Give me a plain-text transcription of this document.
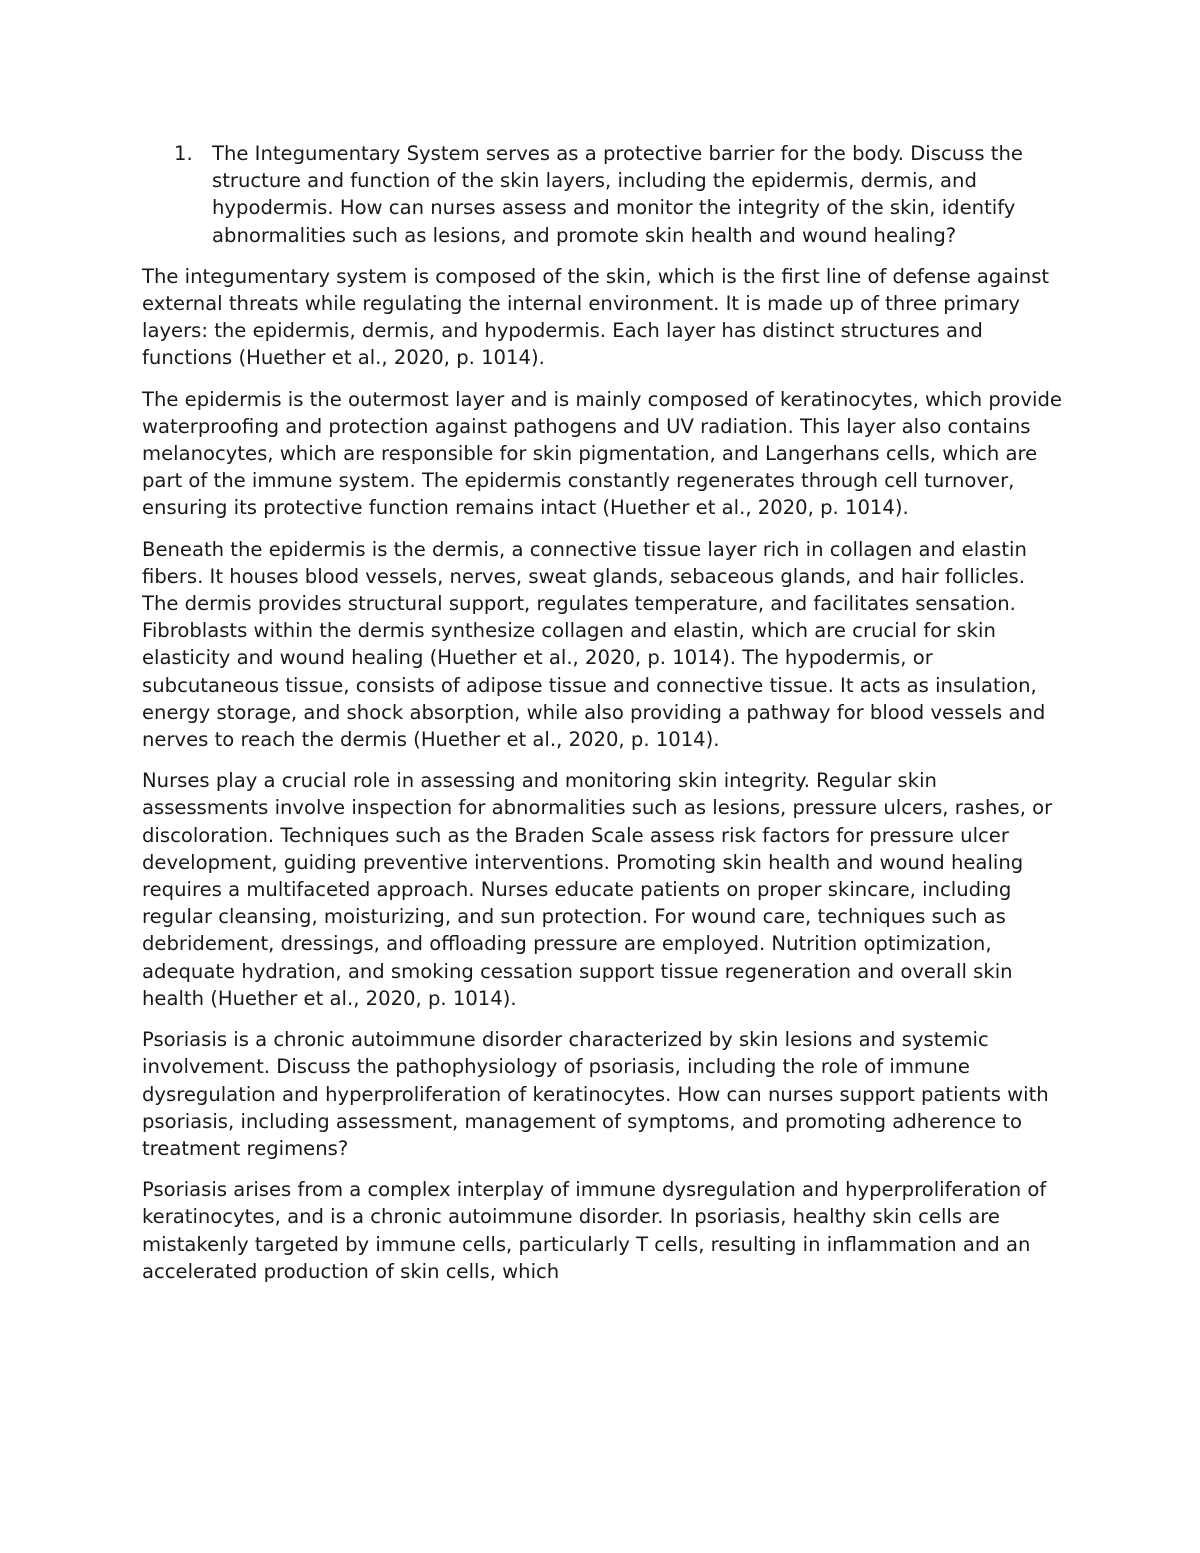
1. The Integumentary System serves as a protective barrier for the body. Discuss the structure and function of the skin layers, including the epidermis, dermis, and hypodermis. How can nurses assess and monitor the integrity of the skin, identify abnormalities such as lesions, and promote skin health and wound healing?

The integumentary system is composed of the skin, which is the first line of defense against external threats while regulating the internal environment. It is made up of three primary layers: the epidermis, dermis, and hypodermis. Each layer has distinct structures and functions (Huether et al., 2020, p. 1014).

The epidermis is the outermost layer and is mainly composed of keratinocytes, which provide waterproofing and protection against pathogens and UV radiation. This layer also contains melanocytes, which are responsible for skin pigmentation, and Langerhans cells, which are part of the immune system. The epidermis constantly regenerates through cell turnover, ensuring its protective function remains intact (Huether et al., 2020, p. 1014).

Beneath the epidermis is the dermis, a connective tissue layer rich in collagen and elastin fibers. It houses blood vessels, nerves, sweat glands, sebaceous glands, and hair follicles. The dermis provides structural support, regulates temperature, and facilitates sensation. Fibroblasts within the dermis synthesize collagen and elastin, which are crucial for skin elasticity and wound healing (Huether et al., 2020, p. 1014). The hypodermis, or subcutaneous tissue, consists of adipose tissue and connective tissue. It acts as insulation, energy storage, and shock absorption, while also providing a pathway for blood vessels and nerves to reach the dermis (Huether et al., 2020, p. 1014).

Nurses play a crucial role in assessing and monitoring skin integrity. Regular skin assessments involve inspection for abnormalities such as lesions, pressure ulcers, rashes, or discoloration. Techniques such as the Braden Scale assess risk factors for pressure ulcer development, guiding preventive interventions. Promoting skin health and wound healing requires a multifaceted approach. Nurses educate patients on proper skincare, including regular cleansing, moisturizing, and sun protection. For wound care, techniques such as debridement, dressings, and offloading pressure are employed. Nutrition optimization, adequate hydration, and smoking cessation support tissue regeneration and overall skin health (Huether et al., 2020, p. 1014).

Psoriasis is a chronic autoimmune disorder characterized by skin lesions and systemic involvement. Discuss the pathophysiology of psoriasis, including the role of immune dysregulation and hyperproliferation of keratinocytes. How can nurses support patients with psoriasis, including assessment, management of symptoms, and promoting adherence to treatment regimens?

Psoriasis arises from a complex interplay of immune dysregulation and hyperproliferation of keratinocytes, and is a chronic autoimmune disorder. In psoriasis, healthy skin cells are mistakenly targeted by immune cells, particularly T cells, resulting in inflammation and an accelerated production of skin cells, which
